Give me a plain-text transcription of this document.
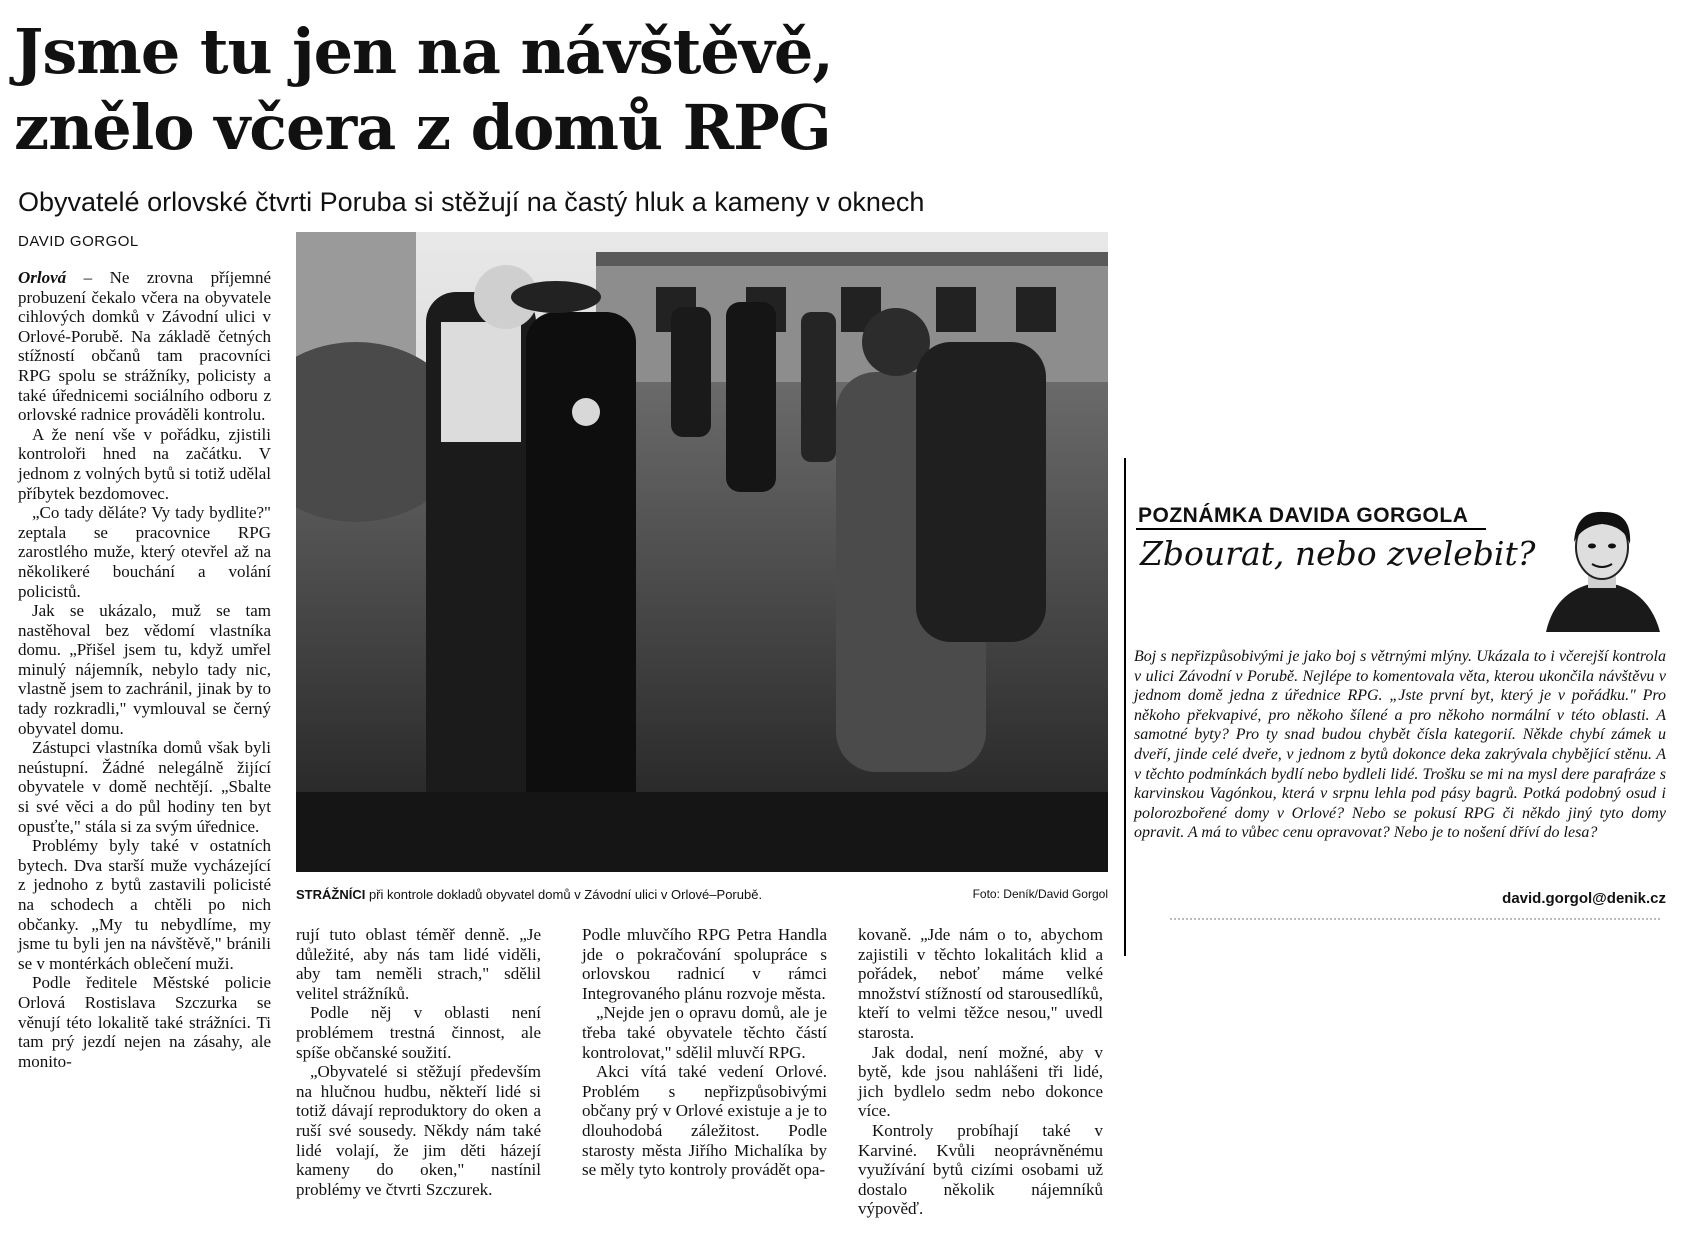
Jsme tu jen na návštěvě, znělo včera z domů RPG
Obyvatelé orlovské čtvrti Poruba si stěžují na častý hluk a kameny v oknech
DAVID GORGOL

Orlová – Ne zrovna příjemné probuzení čekalo včera na obyvatele cihlových domků v Závodní ulici v Orlové-Porubě. Na základě četných stížností občanů tam pracovníci RPG spolu se strážníky, policisty a také úřednicemi sociálního odboru z orlovské radnice prováděli kontrolu.

A že není vše v pořádku, zjistili kontroloři hned na začátku. V jednom z volných bytů si totiž udělal příbytek bezdomovec.

„Co tady děláte? Vy tady bydlite?" zeptala se pracovnice RPG zarostlého muže, který otevřel až na několikeré bouchání a volání policistů.

Jak se ukázalo, muž se tam nastěhoval bez vědomí vlastníka domu. „Přišel jsem tu, když umřel minulý nájemník, nebylo tady nic, vlastně jsem to zachránil, jinak by to tady rozkradli," vymlouval se černý obyvatel domu.

Zástupci vlastníka domů však byli neústupní. Žádné nelegálně žijící obyvatele v domě nechtějí. „Sbalte si své věci a do půl hodiny ten byt opusťte," stála si za svým úřednice.

Problémy byly také v ostatních bytech. Dva starší muže vycházející z jednoho z bytů zastavili policisté na schodech a chtěli po nich občanky. „My tu nebydlíme, my jsme tu byli jen na návštěvě," bránili se v montérkách oblečení muži.

Podle ředitele Městské policie Orlová Rostislava Szczurka se věnují této lokalitě také strážníci. Ti tam prý jezdí nejen na zásahy, ale monito-

STRÁŽNÍCI při kontrole dokladů obyvatel domů v Závodní ulici v Orlové–Porubě.	Foto: Deník/David Gorgol

rují tuto oblast téměř denně. „Je důležité, aby nás tam lidé viděli, aby tam neměli strach," sdělil velitel strážníků.

Podle něj v oblasti není problémem trestná činnost, ale spíše občanské soužití.

„Obyvatelé si stěžují především na hlučnou hudbu, někteří lidé si totiž dávají reproduktory do oken a ruší své sousedy. Někdy nám také lidé volají, že jim děti házejí kameny do oken," nastínil problémy ve čtvrti Szczurek.

Podle mluvčího RPG Petra Handla jde o pokračování spolupráce s orlovskou radnicí v rámci Integrovaného plánu rozvoje města.

„Nejde jen o opravu domů, ale je třeba také obyvatele těchto částí kontrolovat," sdělil mluvčí RPG.

Akci vítá také vedení Orlové. Problém s nepřizpůsobivými občany prý v Orlové existuje a je to dlouhodobá záležitost. Podle starosty města Jiřího Michalíka by se měly tyto kontroly provádět opa-

kovaně. „Jde nám o to, abychom zajistili v těchto lokalitách klid a pořádek, neboť máme velké množství stížností od starousedlíků, kteří to velmi těžce nesou," uvedl starosta.

Jak dodal, není možné, aby v bytě, kde jsou nahlášeni tři lidé, jich bydlelo sedm nebo dokonce více.

Kontroly probíhají také v Karviné. Kvůli neoprávněnému využívání bytů cizími osobami už dostalo několik nájemníků výpověď.

POZNÁMKA DAVIDA GORGOLA
Zbourat, nebo zvelebit?

Boj s nepřizpůsobivými je jako boj s větrnými mlýny. Ukázala to i včerejší kontrola v ulici Závodní v Porubě. Nejlépe to komentovala věta, kterou ukončila návštěvu v jednom domě jedna z úřednice RPG. „Jste první byt, který je v pořádku." Pro někoho překvapivé, pro někoho šílené a pro někoho normální v této oblasti. A samotné byty? Pro ty snad budou chybět čísla kategorií. Někde chybí zámek u dveří, jinde celé dveře, v jednom z bytů dokonce deka zakrývala chybějící stěnu. A v těchto podmínkách bydlí nebo bydleli lidé. Trošku se mi na mysl dere parafráze s karvinskou Vagónkou, která v srpnu lehla pod pásy bagrů. Potká podobný osud i polorozbořené domy v Orlové? Nebo se pokusí RPG či někdo jiný tyto domy opravit. A má to vůbec cenu opravovat? Nebo je to nošení dříví do lesa?

david.gorgol@denik.cz
